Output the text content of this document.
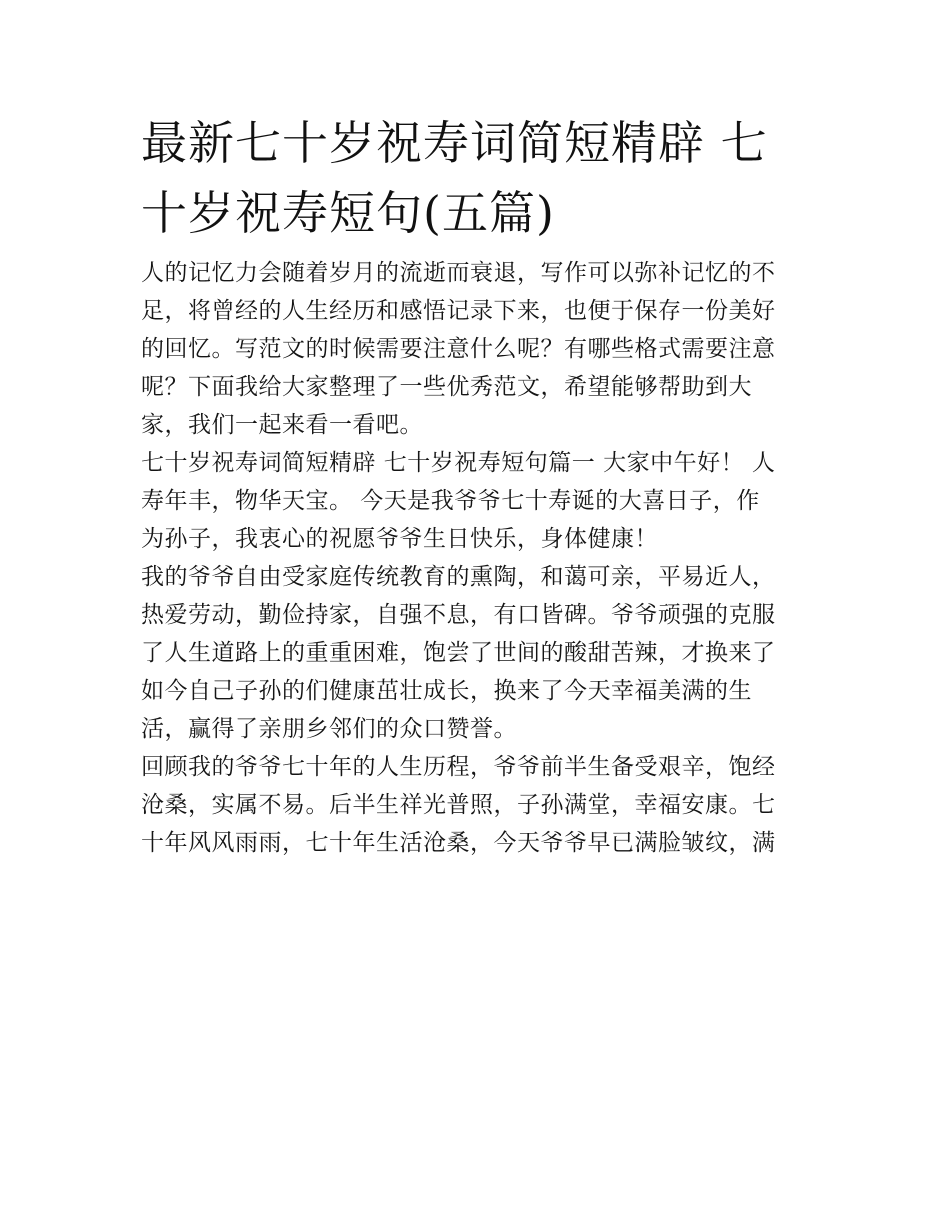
最新七十岁祝寿词简短精辟 七
十岁祝寿短句(五篇)

人的记忆力会随着岁月的流逝而衰退，写作可以弥补记忆的不
足，将曾经的人生经历和感悟记录下来，也便于保存一份美好
的回忆。写范文的时候需要注意什么呢？有哪些格式需要注意
呢？下面我给大家整理了一些优秀范文，希望能够帮助到大
家，我们一起来看一看吧。

七十岁祝寿词简短精辟 七十岁祝寿短句篇一 大家中午好！ 人
寿年丰，物华天宝。 今天是我爷爷七十寿诞的大喜日子，作
为孙子，我衷心的祝愿爷爷生日快乐，身体健康！

我的爷爷自由受家庭传统教育的熏陶，和蔼可亲，平易近人，
热爱劳动，勤俭持家，自强不息，有口皆碑。爷爷顽强的克服
了人生道路上的重重困难，饱尝了世间的酸甜苦辣，才换来了
如今自己子孙的们健康茁壮成长，换来了今天幸福美满的生
活，赢得了亲朋乡邻们的众口赞誉。

回顾我的爷爷七十年的人生历程，爷爷前半生备受艰辛，饱经
沧桑，实属不易。后半生祥光普照，子孙满堂，幸福安康。七
十年风风雨雨，七十年生活沧桑，今天爷爷早已满脸皱纹，满
